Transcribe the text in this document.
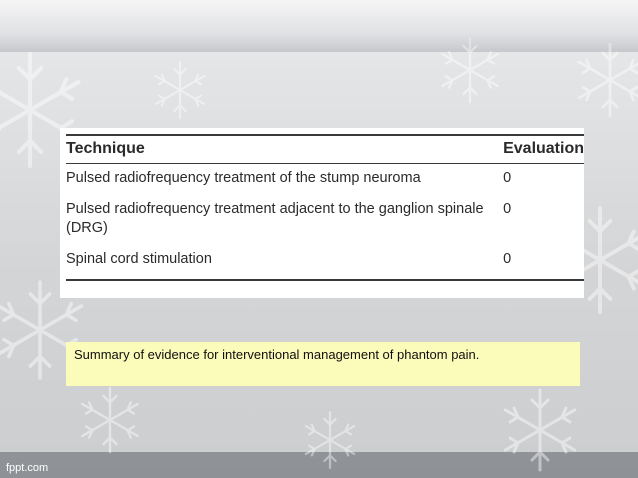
Technique	Evaluation
Pulsed radiofrequency treatment of the stump neuroma	0
Pulsed radiofrequency treatment adjacent to the ganglion spinale (DRG)	0
Spinal cord stimulation	0
Summary of evidence for interventional management of phantom pain.
fppt.com
